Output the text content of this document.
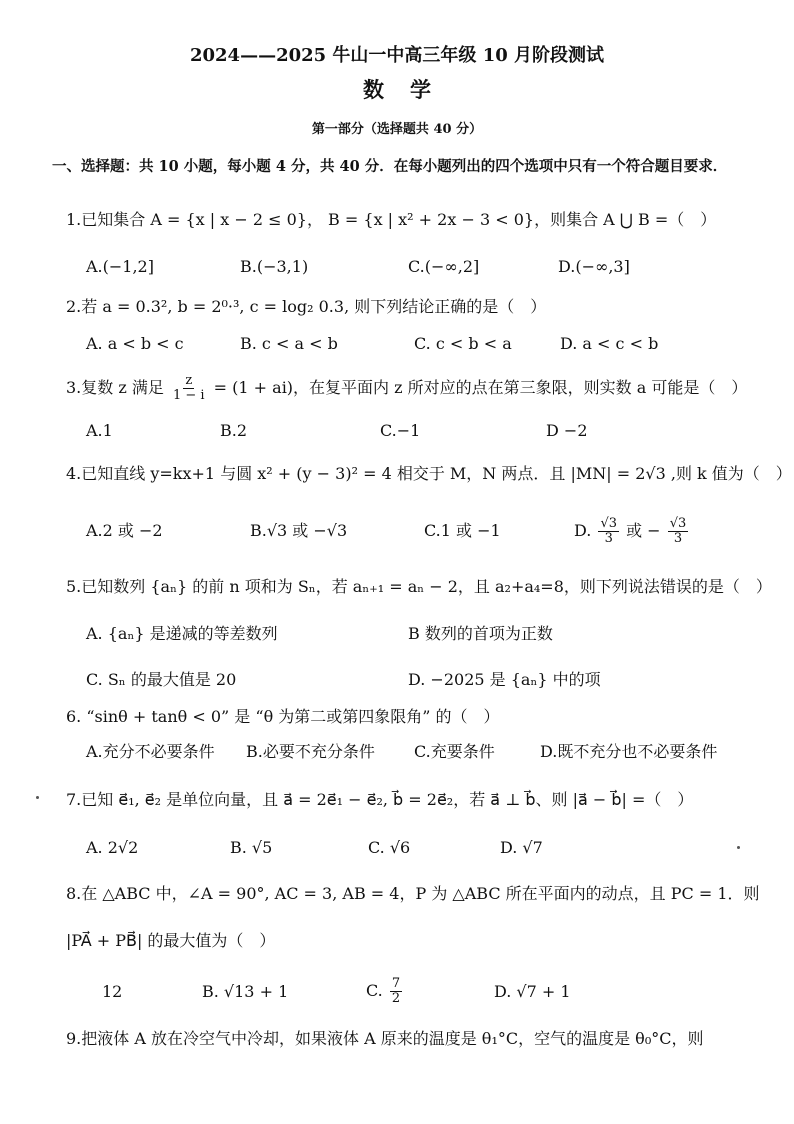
2024——2025 牛山一中高三年级 10 月阶段测试
数学
第一部分（选择题共 40 分）
一、选择题：共 10 小题，每小题 4 分，共 40 分．在每小题列出的四个选项中只有一个符合题目要求．
1.已知集合 A = {x | x − 2 ≤ 0}， B = {x | x² + 2x − 3 < 0}，则集合 A ⋃ B =（　）
A.(−1,2]	B.(−3,1)	C.(−∞,2]	D.(−∞,3]
2.若 a = 0.3², b = 2⁰·³, c = log₂ 0.3, 则下列结论正确的是（　）
A. a < b < c	B. c < a < b	C. c < b < a	D. a < c < b
3.复数 z 满足 $\frac{z}{1 - i} = (1 + ai)$，在复平面内 z 所对应的点在第三象限，则实数 a 可能是（　）
A.1	B.2	C.−1	D −2
4.已知直线 y=kx+1 与圆 x² + (y − 3)² = 4 相交于 M，N 两点．且 |MN| = 2√3 ,则 k 值为（　）
A.2 或 −2	B.√3 或 −√3	C.1 或 −1	D. $\frac{√3}{3}$ 或 − $\frac{√3}{3}$
5.已知数列 {aₙ} 的前 n 项和为 Sₙ，若 aₙ₊₁ = aₙ − 2，且 a₂+a₄=8，则下列说法错误的是（　）
A. {aₙ} 是递减的等差数列	B 数列的首项为正数
C. Sₙ 的最大值是 20	D. −2025 是 {aₙ} 中的项
6. “sinθ + tanθ < 0” 是 “θ 为第二或第四象限角” 的（　）
A.充分不必要条件 B.必要不充分条件 C.充要条件	D.既不充分也不必要条件
7.已知 e⃗₁, e⃗₂ 是单位向量，且 a⃗ = 2e⃗₁ − e⃗₂, b⃗ = 2e⃗₂，若 a⃗ ⊥ b⃗、则 |a⃗ − b⃗| =（　）
A. 2√2	B. √5	C. √6	D. √7
8.在 △ABC 中，∠A = 90°, AC = 3, AB = 4，P 为 △ABC 所在平面内的动点，且 PC = 1．则
|PA⃗ + PB⃗| 的最大值为（　）
12	B. √13 + 1	C. $\frac{7}{2}$	D. √7 + 1
9.把液体 A 放在冷空气中冷却，如果液体 A 原来的温度是 θ₁°C，空气的温度是 θ₀°C，则
